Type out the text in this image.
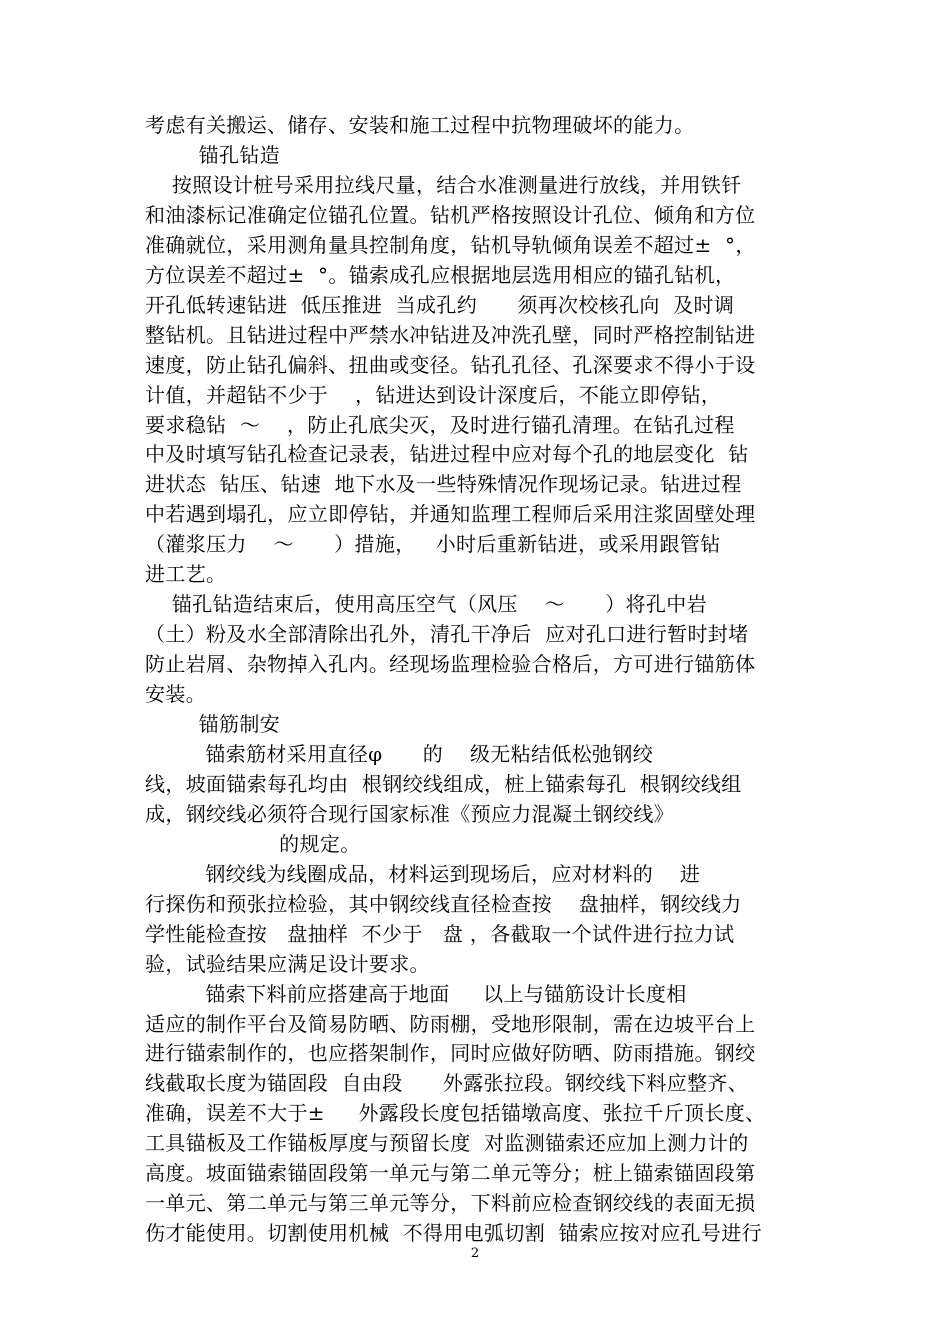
考虑有关搬运、储存、安装和施工过程中抗物理破坏的能力。
锚孔钻造
按照设计桩号采用拉线尺量，结合水准测量进行放线，并用铁钎
和油漆标记准确定位锚孔位置。钻机严格按照设计孔位、倾角和方位
准确就位，采用测角量具控制角度，钻机导轨倾角误差不超过±  °，
方位误差不超过±  °。锚索成孔应根据地层选用相应的锚孔钻机，
开孔低转速钻进  低压推进  当成孔约      须再次校核孔向  及时调
整钻机。且钻进过程中严禁水冲钻进及冲洗孔壁，同时严格控制钻进
速度，防止钻孔偏斜、扭曲或变径。钻孔孔径、孔深要求不得小于设
计值，并超钻不少于    ，钻进达到设计深度后，不能立即停钻，
要求稳钻  ～    ，防止孔底尖灭，及时进行锚孔清理。在钻孔过程
中及时填写钻孔检查记录表，钻进过程中应对每个孔的地层变化  钻
进状态  钻压、钻速  地下水及一些特殊情况作现场记录。钻进过程
中若遇到塌孔，应立即停钻，并通知监理工程师后采用注浆固壁处理
（灌浆压力    ～      ）措施，   小时后重新钻进，或采用跟管钻
进工艺。
锚孔钻造结束后，使用高压空气（风压    ～      ）将孔中岩
（土）粉及水全部清除出孔外，清孔干净后  应对孔口进行暂时封堵
防止岩屑、杂物掉入孔内。经现场监理检验合格后，方可进行锚筋体
安装。
锚筋制安
锚索筋材采用直径φ      的    级无粘结低松弛钢绞
线，坡面锚索每孔均由  根钢绞线组成，桩上锚索每孔  根钢绞线组
成，钢绞线必须符合现行国家标准《预应力混凝土钢绞线》
的规定。
钢绞线为线圈成品，材料运到现场后，应对材料的    进
行探伤和预张拉检验，其中钢绞线直径检查按    盘抽样，钢绞线力
学性能检查按   盘抽样  不少于   盘 ，各截取一个试件进行拉力试
验，试验结果应满足设计要求。
锚索下料前应搭建高于地面     以上与锚筋设计长度相
适应的制作平台及简易防晒、防雨棚，受地形限制，需在边坡平台上
进行锚索制作的，也应搭架制作，同时应做好防晒、防雨措施。钢绞
线截取长度为锚固段  自由段      外露张拉段。钢绞线下料应整齐、
准确，误差不大于±     外露段长度包括锚墩高度、张拉千斤顶长度、
工具锚板及工作锚板厚度与预留长度  对监测锚索还应加上测力计的
高度。坡面锚索锚固段第一单元与第二单元等分；桩上锚索锚固段第
一单元、第二单元与第三单元等分，下料前应检查钢绞线的表面无损
伤才能使用。切割使用机械  不得用电弧切割  锚索应按对应孔号进行
2
